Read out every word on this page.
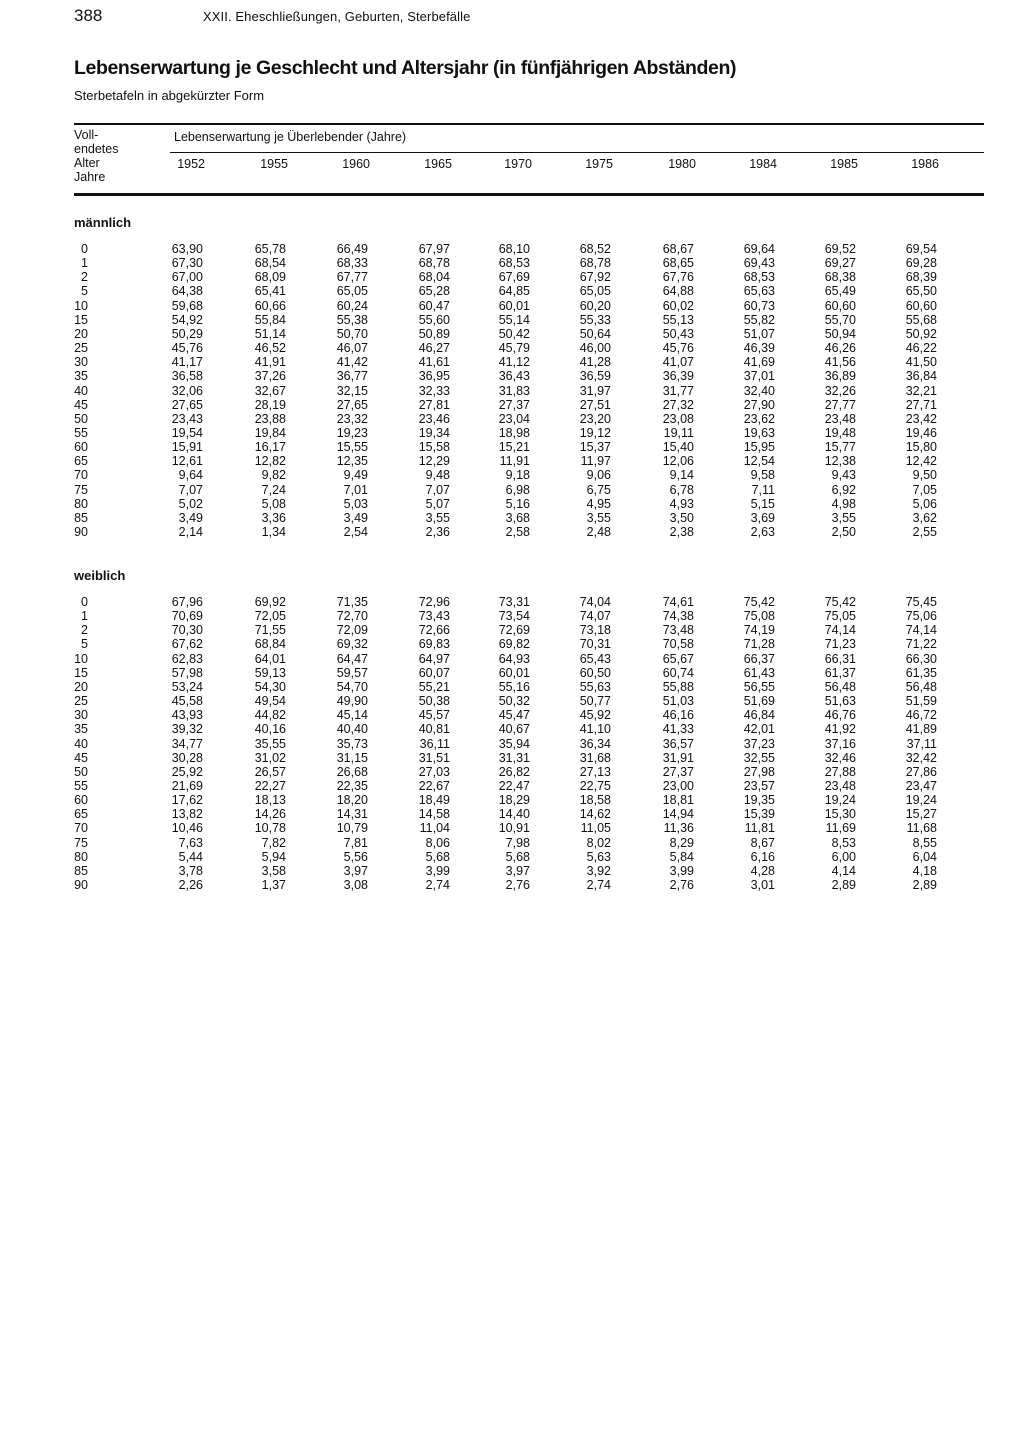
388	XXII. Eheschließungen, Geburten, Sterbefälle
Lebenserwartung je Geschlecht und Altersjahr (in fünfjährigen Abständen)
Sterbetafeln in abgekürzter Form
Voll-
endetes
Alter
Jahre
Lebenserwartung je Überlebender (Jahre)
1952	1955	1960	1965	1970	1975	1980	1984	1985	1986
männlich
0	63,90	65,78	66,49	67,97	68,10	68,52	68,67	69,64	69,52	69,54
1	67,30	68,54	68,33	68,78	68,53	68,78	68,65	69,43	69,27	69,28
2	67,00	68,09	67,77	68,04	67,69	67,92	67,76	68,53	68,38	68,39
5	64,38	65,41	65,05	65,28	64,85	65,05	64,88	65,63	65,49	65,50
10	59,68	60,66	60,24	60,47	60,01	60,20	60,02	60,73	60,60	60,60
15	54,92	55,84	55,38	55,60	55,14	55,33	55,13	55,82	55,70	55,68
20	50,29	51,14	50,70	50,89	50,42	50,64	50,43	51,07	50,94	50,92
25	45,76	46,52	46,07	46,27	45,79	46,00	45,76	46,39	46,26	46,22
30	41,17	41,91	41,42	41,61	41,12	41,28	41,07	41,69	41,56	41,50
35	36,58	37,26	36,77	36,95	36,43	36,59	36,39	37,01	36,89	36,84
40	32,06	32,67	32,15	32,33	31,83	31,97	31,77	32,40	32,26	32,21
45	27,65	28,19	27,65	27,81	27,37	27,51	27,32	27,90	27,77	27,71
50	23,43	23,88	23,32	23,46	23,04	23,20	23,08	23,62	23,48	23,42
55	19,54	19,84	19,23	19,34	18,98	19,12	19,11	19,63	19,48	19,46
60	15,91	16,17	15,55	15,58	15,21	15,37	15,40	15,95	15,77	15,80
65	12,61	12,82	12,35	12,29	11,91	11,97	12,06	12,54	12,38	12,42
70	9,64	9,82	9,49	9,48	9,18	9,06	9,14	9,58	9,43	9,50
75	7,07	7,24	7,01	7,07	6,98	6,75	6,78	7,11	6,92	7,05
80	5,02	5,08	5,03	5,07	5,16	4,95	4,93	5,15	4,98	5,06
85	3,49	3,36	3,49	3,55	3,68	3,55	3,50	3,69	3,55	3,62
90	2,14	1,34	2,54	2,36	2,58	2,48	2,38	2,63	2,50	2,55
weiblich
0	67,96	69,92	71,35	72,96	73,31	74,04	74,61	75,42	75,42	75,45
1	70,69	72,05	72,70	73,43	73,54	74,07	74,38	75,08	75,05	75,06
2	70,30	71,55	72,09	72,66	72,69	73,18	73,48	74,19	74,14	74,14
5	67,62	68,84	69,32	69,83	69,82	70,31	70,58	71,28	71,23	71,22
10	62,83	64,01	64,47	64,97	64,93	65,43	65,67	66,37	66,31	66,30
15	57,98	59,13	59,57	60,07	60,01	60,50	60,74	61,43	61,37	61,35
20	53,24	54,30	54,70	55,21	55,16	55,63	55,88	56,55	56,48	56,48
25	45,58	49,54	49,90	50,38	50,32	50,77	51,03	51,69	51,63	51,59
30	43,93	44,82	45,14	45,57	45,47	45,92	46,16	46,84	46,76	46,72
35	39,32	40,16	40,40	40,81	40,67	41,10	41,33	42,01	41,92	41,89
40	34,77	35,55	35,73	36,11	35,94	36,34	36,57	37,23	37,16	37,11
45	30,28	31,02	31,15	31,51	31,31	31,68	31,91	32,55	32,46	32,42
50	25,92	26,57	26,68	27,03	26,82	27,13	27,37	27,98	27,88	27,86
55	21,69	22,27	22,35	22,67	22,47	22,75	23,00	23,57	23,48	23,47
60	17,62	18,13	18,20	18,49	18,29	18,58	18,81	19,35	19,24	19,24
65	13,82	14,26	14,31	14,58	14,40	14,62	14,94	15,39	15,30	15,27
70	10,46	10,78	10,79	11,04	10,91	11,05	11,36	11,81	11,69	11,68
75	7,63	7,82	7,81	8,06	7,98	8,02	8,29	8,67	8,53	8,55
80	5,44	5,94	5,56	5,68	5,68	5,63	5,84	6,16	6,00	6,04
85	3,78	3,58	3,97	3,99	3,97	3,92	3,99	4,28	4,14	4,18
90	2,26	1,37	3,08	2,74	2,76	2,74	2,76	3,01	2,89	2,89
